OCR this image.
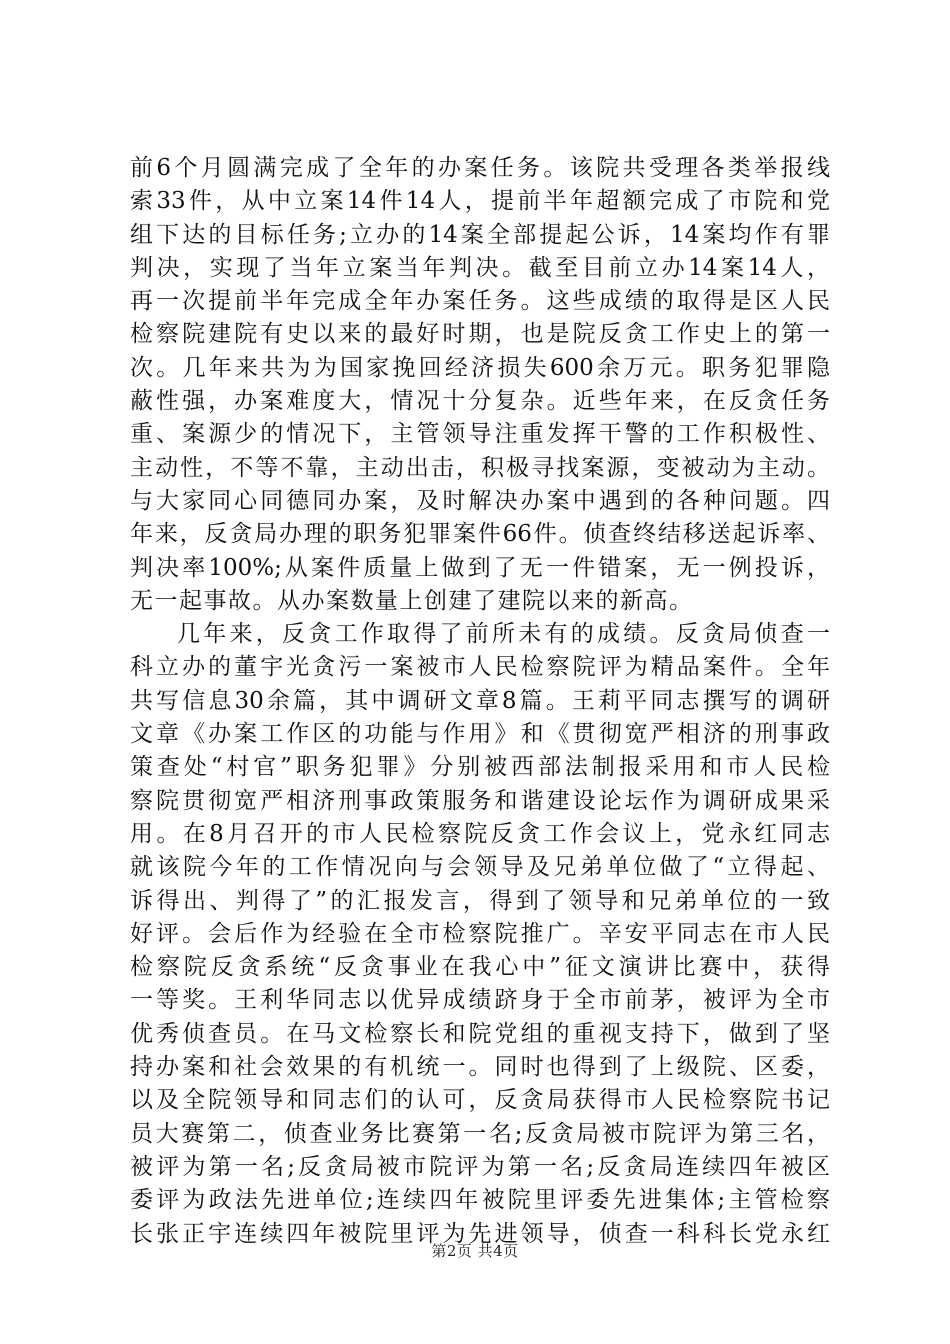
前6个月圆满完成了全年的办案任务。该院共受理各类举报线
索33件，从中立案14件14人，提前半年超额完成了市院和党
组下达的目标任务;立办的14案全部提起公诉，14案均作有罪
判决，实现了当年立案当年判决。截至目前立办14案14人，
再一次提前半年完成全年办案任务。这些成绩的取得是区人民
检察院建院有史以来的最好时期，也是院反贪工作史上的第一
次。几年来共为为国家挽回经济损失600余万元。职务犯罪隐
蔽性强，办案难度大，情况十分复杂。近些年来，在反贪任务
重、案源少的情况下，主管领导注重发挥干警的工作积极性、
主动性，不等不靠，主动出击，积极寻找案源，变被动为主动。
与大家同心同德同办案，及时解决办案中遇到的各种问题。四
年来，反贪局办理的职务犯罪案件66件。侦查终结移送起诉率、
判决率100%;从案件质量上做到了无一件错案，无一例投诉，
无一起事故。从办案数量上创建了建院以来的新高。
几年来，反贪工作取得了前所未有的成绩。反贪局侦查一
科立办的董宇光贪污一案被市人民检察院评为精品案件。全年
共写信息30余篇，其中调研文章8篇。王莉平同志撰写的调研
文章《办案工作区的功能与作用》和《贯彻宽严相济的刑事政
策查处“村官”职务犯罪》分别被西部法制报采用和市人民检
察院贯彻宽严相济刑事政策服务和谐建设论坛作为调研成果采
用。在8月召开的市人民检察院反贪工作会议上，党永红同志
就该院今年的工作情况向与会领导及兄弟单位做了“立得起、
诉得出、判得了”的汇报发言，得到了领导和兄弟单位的一致
好评。会后作为经验在全市检察院推广。辛安平同志在市人民
检察院反贪系统“反贪事业在我心中”征文演讲比赛中，获得
一等奖。王利华同志以优异成绩跻身于全市前茅，被评为全市
优秀侦查员。在马文检察长和院党组的重视支持下，做到了坚
持办案和社会效果的有机统一。同时也得到了上级院、区委，
以及全院领导和同志们的认可，反贪局获得市人民检察院书记
员大赛第二，侦查业务比赛第一名;反贪局被市院评为第三名，
被评为第一名;反贪局被市院评为第一名;反贪局连续四年被区
委评为政法先进单位;连续四年被院里评委先进集体;主管检察
长张正宇连续四年被院里评为先进领导，侦查一科科长党永红
第2页 共4页
